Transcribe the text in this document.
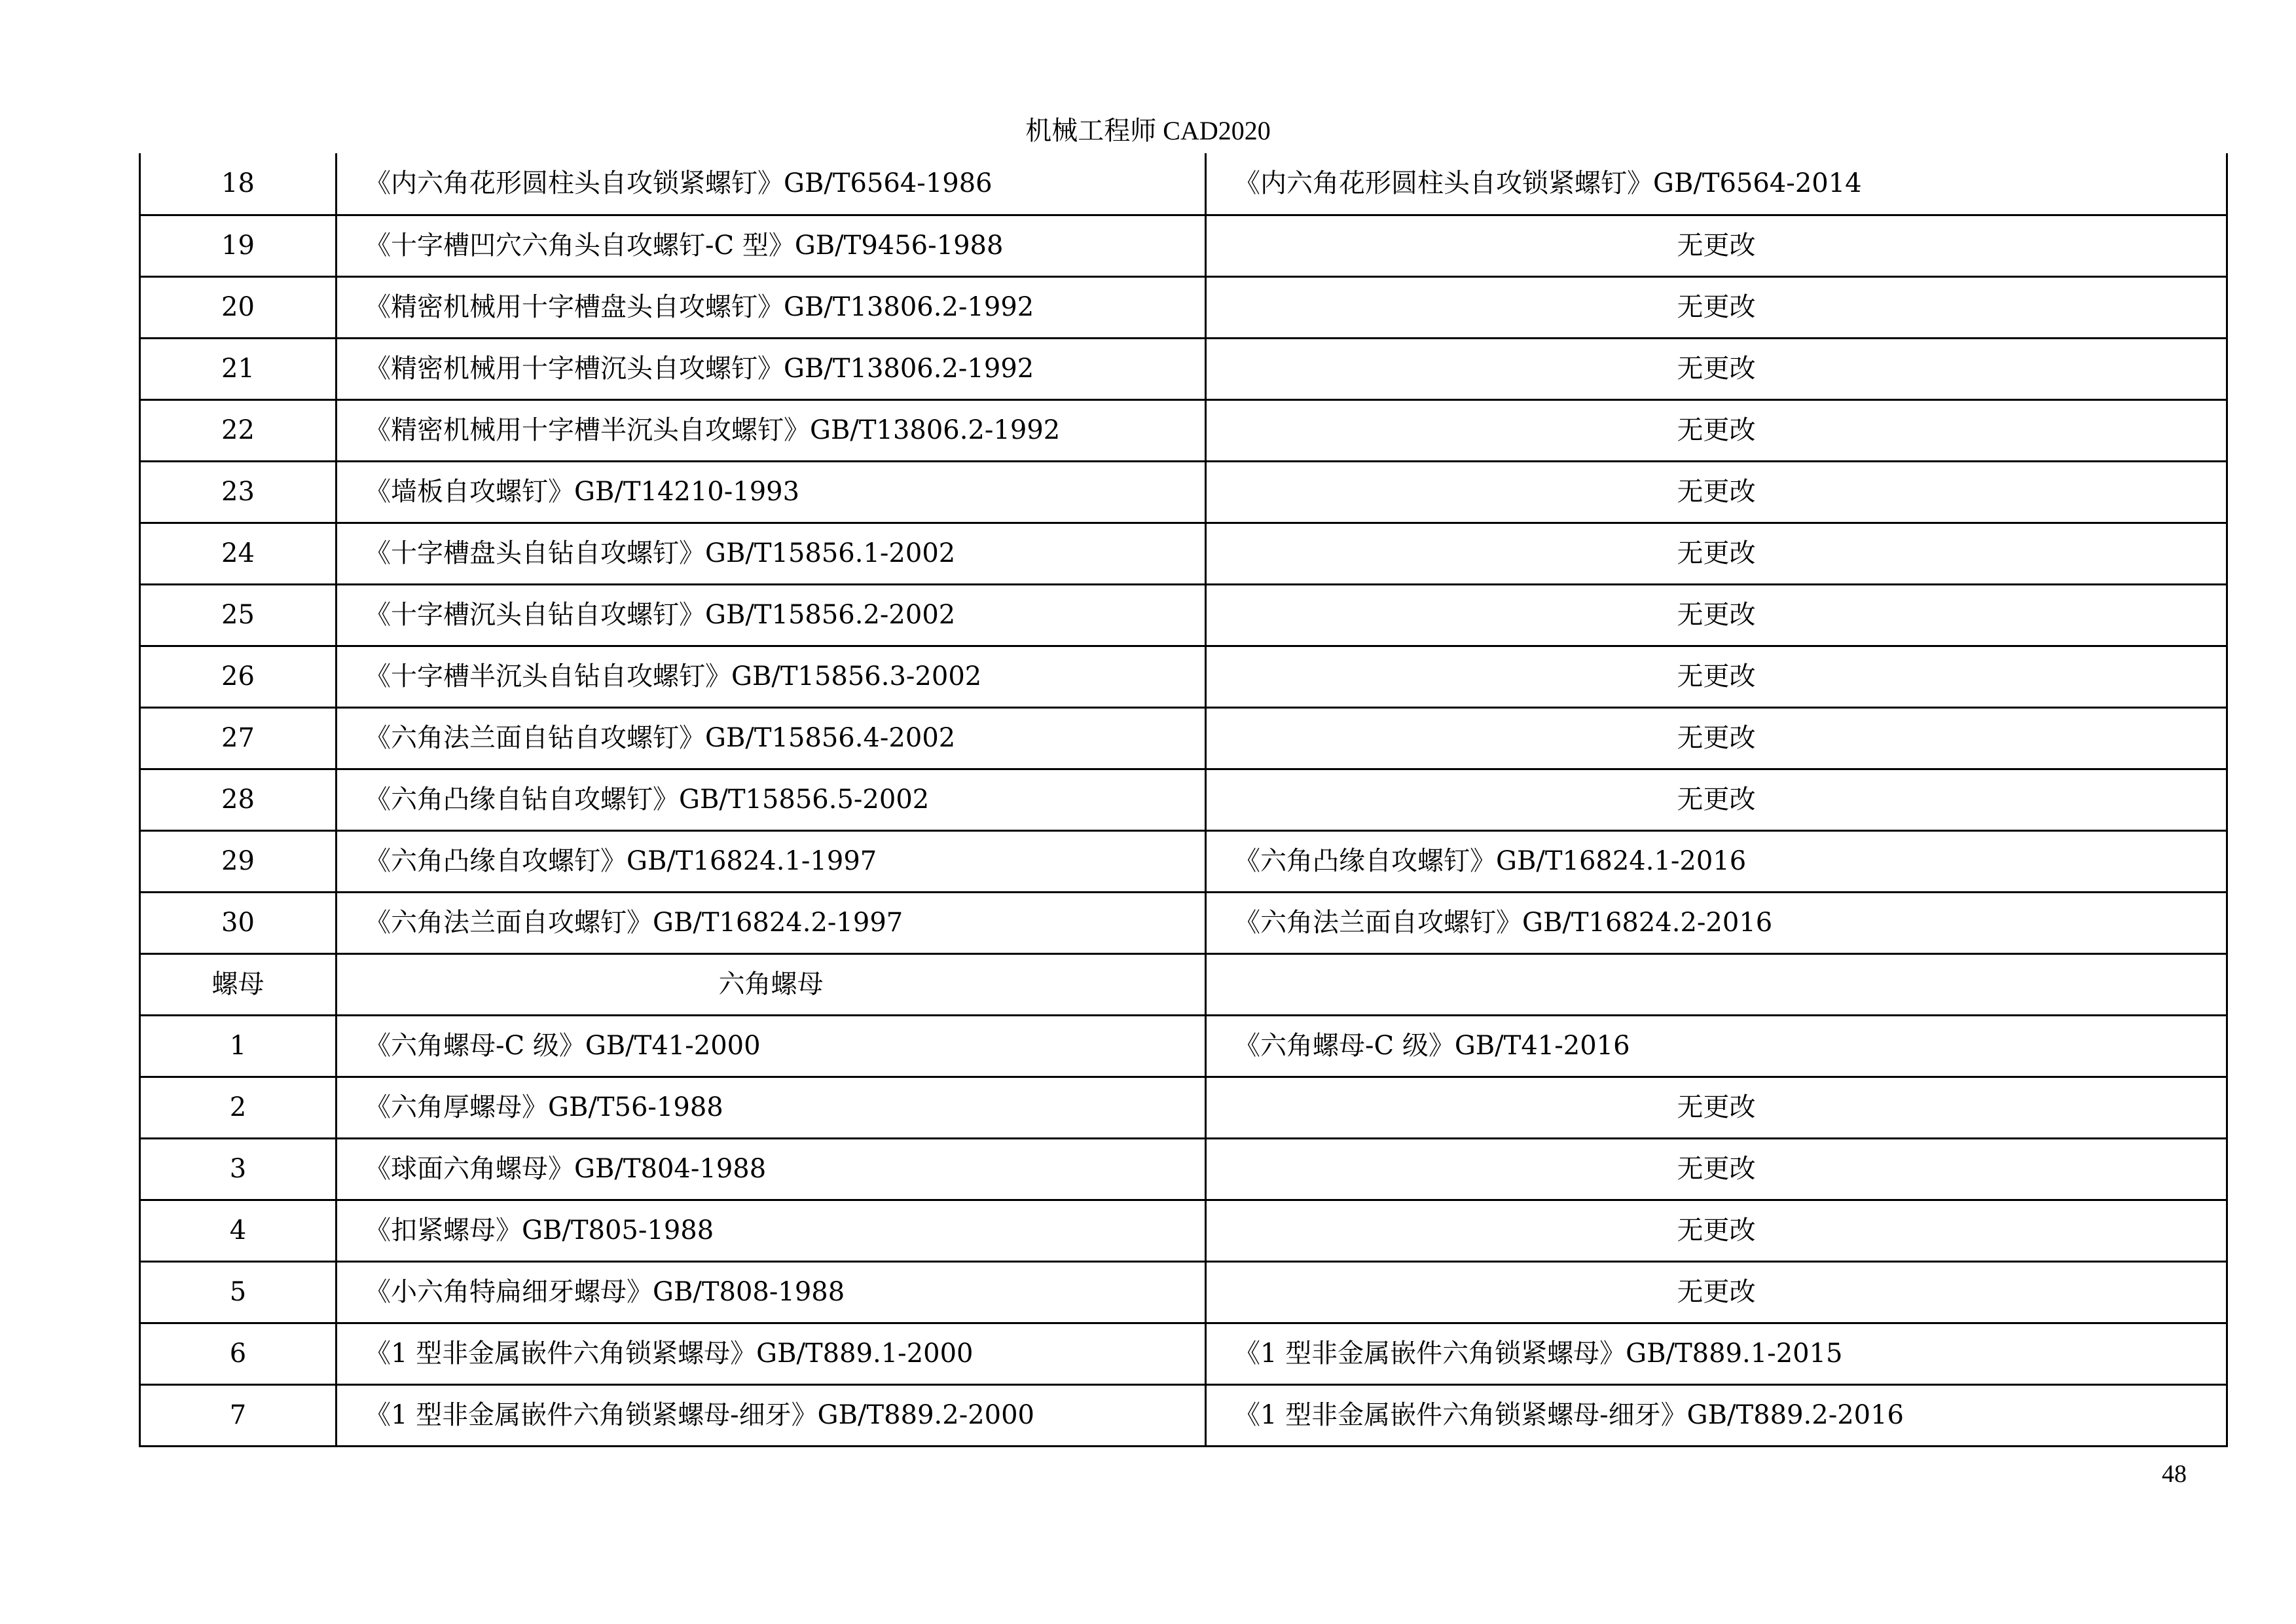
机械工程师 CAD2020
18	《内六角花形圆柱头自攻锁紧螺钉》GB/T6564-1986	《内六角花形圆柱头自攻锁紧螺钉》GB/T6564-2014
19	《十字槽凹穴六角头自攻螺钉-C 型》GB/T9456-1988	无更改
20	《精密机械用十字槽盘头自攻螺钉》GB/T13806.2-1992	无更改
21	《精密机械用十字槽沉头自攻螺钉》GB/T13806.2-1992	无更改
22	《精密机械用十字槽半沉头自攻螺钉》GB/T13806.2-1992	无更改
23	《墙板自攻螺钉》GB/T14210-1993	无更改
24	《十字槽盘头自钻自攻螺钉》GB/T15856.1-2002	无更改
25	《十字槽沉头自钻自攻螺钉》GB/T15856.2-2002	无更改
26	《十字槽半沉头自钻自攻螺钉》GB/T15856.3-2002	无更改
27	《六角法兰面自钻自攻螺钉》GB/T15856.4-2002	无更改
28	《六角凸缘自钻自攻螺钉》GB/T15856.5-2002	无更改
29	《六角凸缘自攻螺钉》GB/T16824.1-1997	《六角凸缘自攻螺钉》GB/T16824.1-2016
30	《六角法兰面自攻螺钉》GB/T16824.2-1997	《六角法兰面自攻螺钉》GB/T16824.2-2016
螺母	六角螺母	
1	《六角螺母-C 级》GB/T41-2000	《六角螺母-C 级》GB/T41-2016
2	《六角厚螺母》GB/T56-1988	无更改
3	《球面六角螺母》GB/T804-1988	无更改
4	《扣紧螺母》GB/T805-1988	无更改
5	《小六角特扁细牙螺母》GB/T808-1988	无更改
6	《1 型非金属嵌件六角锁紧螺母》GB/T889.1-2000	《1 型非金属嵌件六角锁紧螺母》GB/T889.1-2015
7	《1 型非金属嵌件六角锁紧螺母-细牙》GB/T889.2-2000	《1 型非金属嵌件六角锁紧螺母-细牙》GB/T889.2-2016
48
